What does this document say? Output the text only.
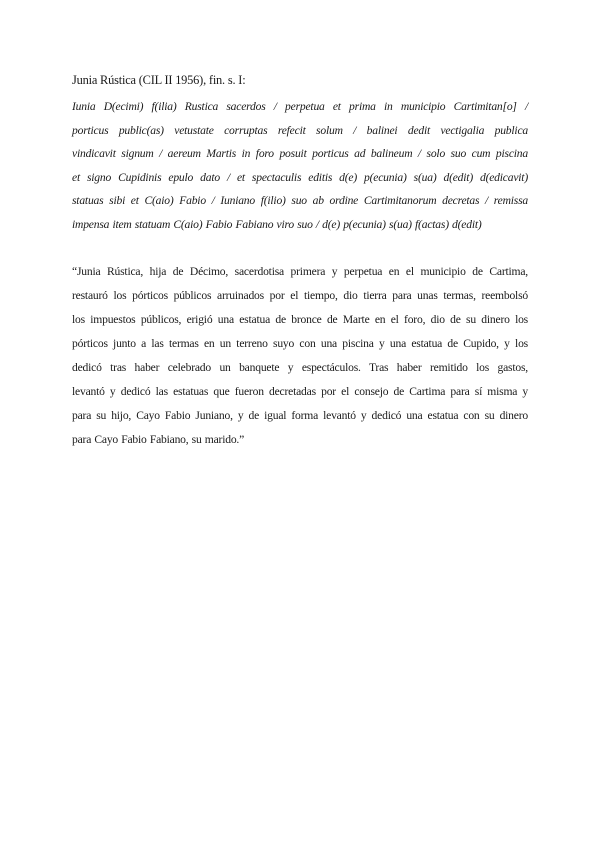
Junia Rústica (CIL II 1956), fin. s. I:

Iunia D(ecimi) f(ilia) Rustica sacerdos / perpetua et prima in municipio Cartimitan[o] /
porticus public(as) vetustate corruptas refecit solum / balinei dedit vectigalia publica
vindicavit signum / aereum Martis in foro posuit porticus ad balineum / solo suo cum piscina
et signo Cupidinis epulo dato / et spectaculis editis d(e) p(ecunia) s(ua) d(edit) d(edicavit)
statuas sibi et C(aio) Fabio / Iuniano f(ilio) suo ab ordine Cartimitanorum decretas / remissa
impensa item statuam C(aio) Fabio Fabiano viro suo / d(e) p(ecunia) s(ua) f(actas) d(edit)

“Junia Rústica, hija de Décimo, sacerdotisa primera y perpetua en el municipio de Cartima,
restauró los pórticos públicos arruinados por el tiempo, dio tierra para unas termas, reembolsó
los impuestos públicos, erigió una estatua de bronce de Marte en el foro, dio de su dinero los
pórticos junto a las termas en un terreno suyo con una piscina y una estatua de Cupido, y los
dedicó tras haber celebrado un banquete y espectáculos. Tras haber remitido los gastos,
levantó y dedicó las estatuas que fueron decretadas por el consejo de Cartima para sí misma y
para su hijo, Cayo Fabio Juniano, y de igual forma levantó y dedicó una estatua con su dinero
para Cayo Fabio Fabiano, su marido.”
